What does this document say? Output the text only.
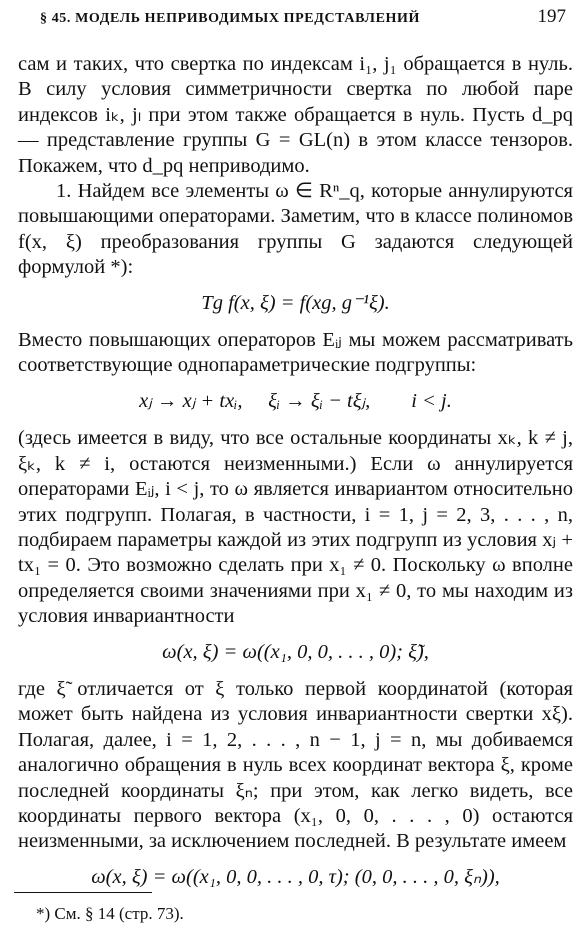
§ 45. МОДЕЛЬ НЕПРИВОДИМЫХ ПРЕДСТАВЛЕНИЙ	197

сам и таких, что свертка по индексам i₁, j₁ обращается в нуль. В силу условия симметричности свертка по любой паре индексов iₖ, jₗ при этом также обращается в нуль. Пусть d_pq — представление группы G = GL(n) в этом классе тензоров. Покажем, что d_pq неприводимо.

1. Найдем все элементы ω ∈ Rⁿ_q, которые аннулируются повышающими операторами. Заметим, что в классе полиномов f(x, ξ) преобразования группы G задаются следующей формулой *):

Tg f(x, ξ) = f(xg, g⁻¹ξ).

Вместо повышающих операторов Eᵢⱼ мы можем рассматривать соответствующие однопараметрические подгруппы:

xⱼ → xⱼ + txᵢ,     ξᵢ → ξᵢ − tξⱼ,        i < j.

(здесь имеется в виду, что все остальные координаты xₖ, k ≠ j, ξₖ, k ≠ i, остаются неизменными.) Если ω аннулируется операторами Eᵢⱼ, i < j, то ω является инвариантом относительно этих подгрупп. Полагая, в частности, i = 1, j = 2, 3, . . . , n, подбираем параметры каждой из этих подгрупп из условия xⱼ + tx₁ = 0. Это возможно сделать при x₁ ≠ 0. Поскольку ω вполне определяется своими значениями при x₁ ≠ 0, то мы находим из условия инвариантности

ω(x, ξ) = ω((x₁, 0, 0, . . . , 0); ξ̃),

где ξ̃ отличается от ξ только первой координатой (которая может быть найдена из условия инвариантности свертки xξ). Полагая, далее, i = 1, 2, . . . , n − 1, j = n, мы добиваемся аналогично обращения в нуль всех координат вектора ξ, кроме последней координаты ξₙ; при этом, как легко видеть, все координаты первого вектора (x₁, 0, 0, . . . , 0) остаются неизменными, за исключением последней. В результате имеем

ω(x, ξ) = ω((x₁, 0, 0, . . . , 0, τ); (0, 0, . . . , 0, ξₙ)),

*) См. § 14 (стр. 73).
